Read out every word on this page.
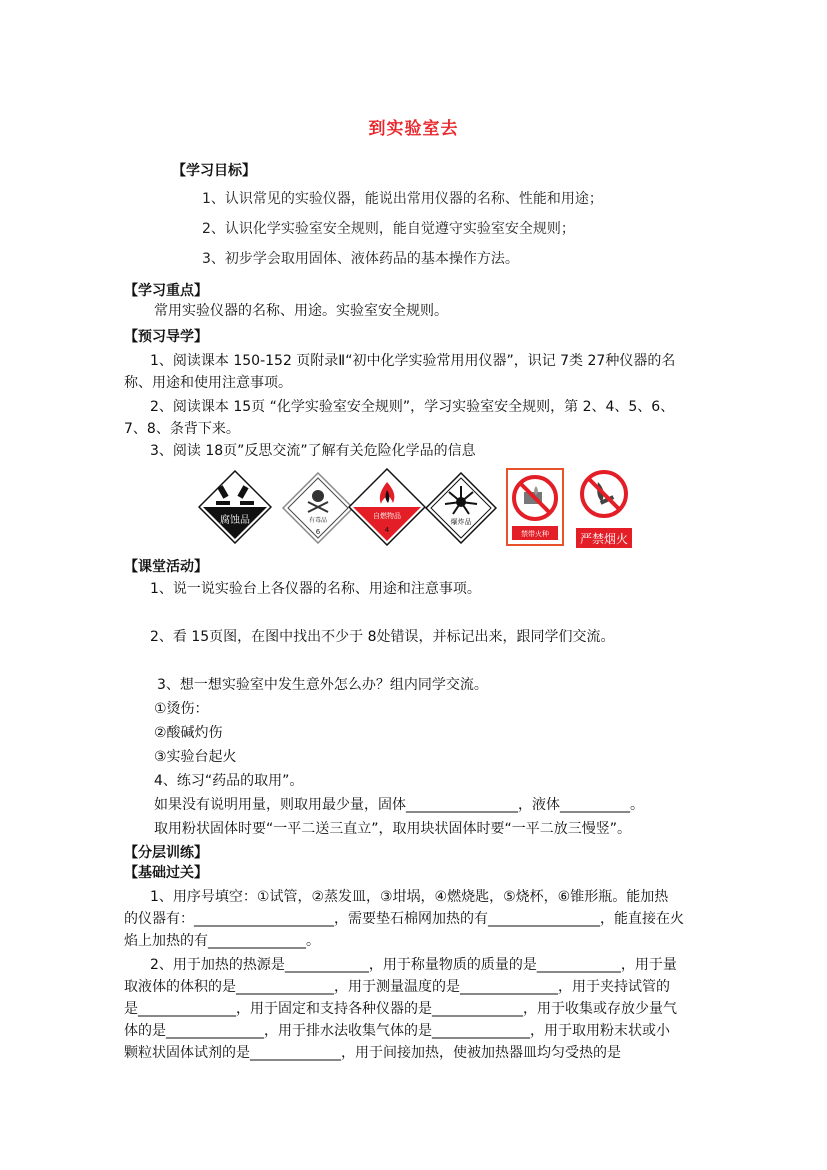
到实验室去
【学习目标】
1、认识常见的实验仪器，能说出常用仪器的名称、性能和用途；
2、认识化学实验室安全规则，能自觉遵守实验室安全规则；
3、初步学会取用固体、液体药品的基本操作方法。
【学习重点】
常用实验仪器的名称、用途。实验室安全规则。
【预习导学】
1、阅读课本 150-152 页附录Ⅱ“初中化学实验常用用仪器”，识记 7类 27种仪器的名
称、用途和使用注意事项。
2、阅读课本 15页 “化学实验室安全规则”，学习实验室安全规则，第 2、4、5、6、
7、8、条背下来。
3、阅读 18页”反思交流”了解有关危险化学品的信息
腐蚀品	有毒品
6
自燃物品
4
爆炸品
禁带火种	严禁烟火
【课堂活动】
1、说一说实验台上各仪器的名称、用途和注意事项。
2、看 15页图，在图中找出不少于 8处错误，并标记出来，跟同学们交流。
3、想一想实验室中发生意外怎么办？组内同学交流。
①烫伤：
②酸碱灼伤
③实验台起火
4、练习“药品的取用”。
如果没有说明用量，则取用最少量，固体________________，液体__________。
取用粉状固体时要“一平二送三直立”，取用块状固体时要“一平二放三慢竖”。
【分层训练】
【基础过关】
1、用序号填空：①试管，②蒸发皿，③坩埚，④燃烧匙，⑤烧杯，⑥锥形瓶。能加热
的仪器有：____________________，需要垫石棉网加热的有________________，能直接在火
焰上加热的有______________。
2、用于加热的热源是____________，用于称量物质的质量的是____________，用于量
取液体的体积的是______________，用于测量温度的是______________，用于夹持试管的
是______________，用于固定和支持各种仪器的是_____________，用于收集或存放少量气
体的是______________，用于排水法收集气体的是______________，用于取用粉末状或小
颗粒状固体试剂的是_____________，用于间接加热，使被加热器皿均匀受热的是
